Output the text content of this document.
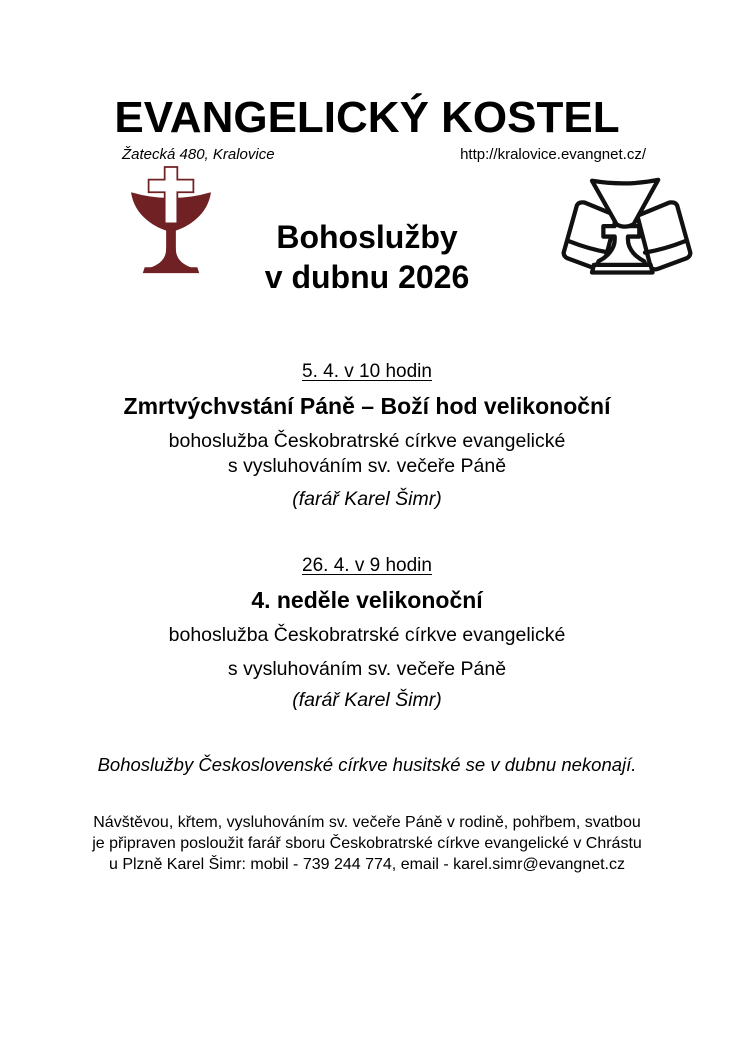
EVANGELICKÝ KOSTEL
Žatecká 480, Kralovice	http://kralovice.evangnet.cz/
Bohoslužby
v dubnu 2026
5. 4. v 10 hodin
Zmrtvýchvstání Páně – Boží hod velikonoční
bohoslužba Českobratrské církve evangelické
s vysluhováním sv. večeře Páně
(farář Karel Šimr)
26. 4. v 9 hodin
4. neděle velikonoční
bohoslužba Českobratrské církve evangelické
s vysluhováním sv. večeře Páně
(farář Karel Šimr)
Bohoslužby Československé církve husitské se v dubnu nekonají.
Návštěvou, křtem, vysluhováním sv. večeře Páně v rodině, pohřbem, svatbou
je připraven posloužit farář sboru Českobratrské církve evangelické v Chrástu
u Plzně Karel Šimr: mobil - 739 244 774, email - karel.simr@evangnet.cz
